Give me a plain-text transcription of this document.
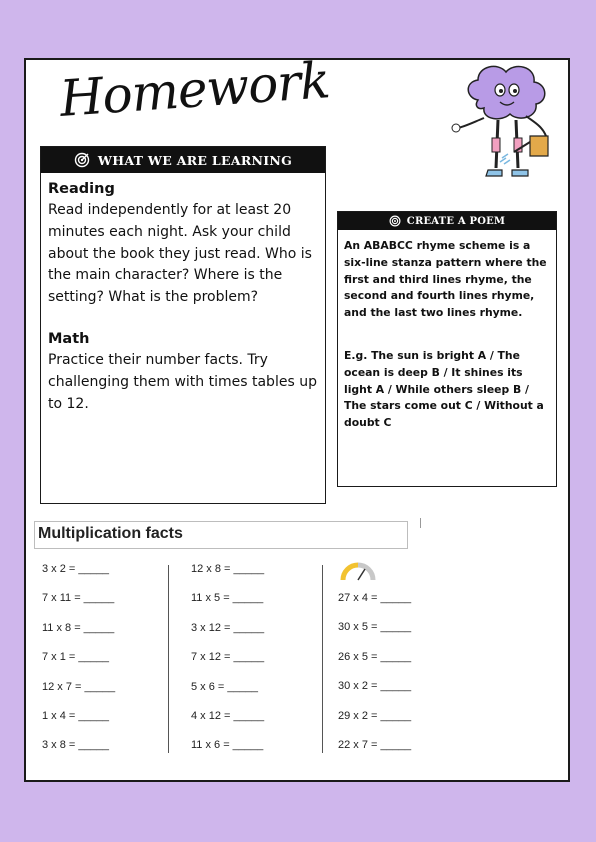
Homework
WHAT WE ARE LEARNING

Reading

Read independently for at least 20 minutes each night. Ask your child about the book they just read. Who is the main character? Where is the setting? What is the problem?

Math

Practice their number facts. Try challenging them with times tables up to 12.

CREATE A POEM

An ABABCC rhyme scheme is a six-line stanza pattern where the first and third lines rhyme, the second and fourth lines rhyme, and the last two lines rhyme.

E.g. The sun is bright A / The ocean is deep B / It shines its light A / While others sleep B / The stars come out C / Without a doubt C

Multiplication facts
3 x 2 = _____
7 x 11 = _____
11 x 8 = _____
7 x 1 = _____
12 x 7 = _____
1 x 4 = _____
3 x 8 = _____
12 x 8 = _____
11 x 5 = _____
3 x 12 = _____
7 x 12 = _____
5 x 6 = _____
4 x 12 = _____
11 x 6 = _____
27 x 4 = _____
30 x 5 = _____
26 x 5 = _____
30 x 2 = _____
29 x 2 = _____
22 x 7 = _____
